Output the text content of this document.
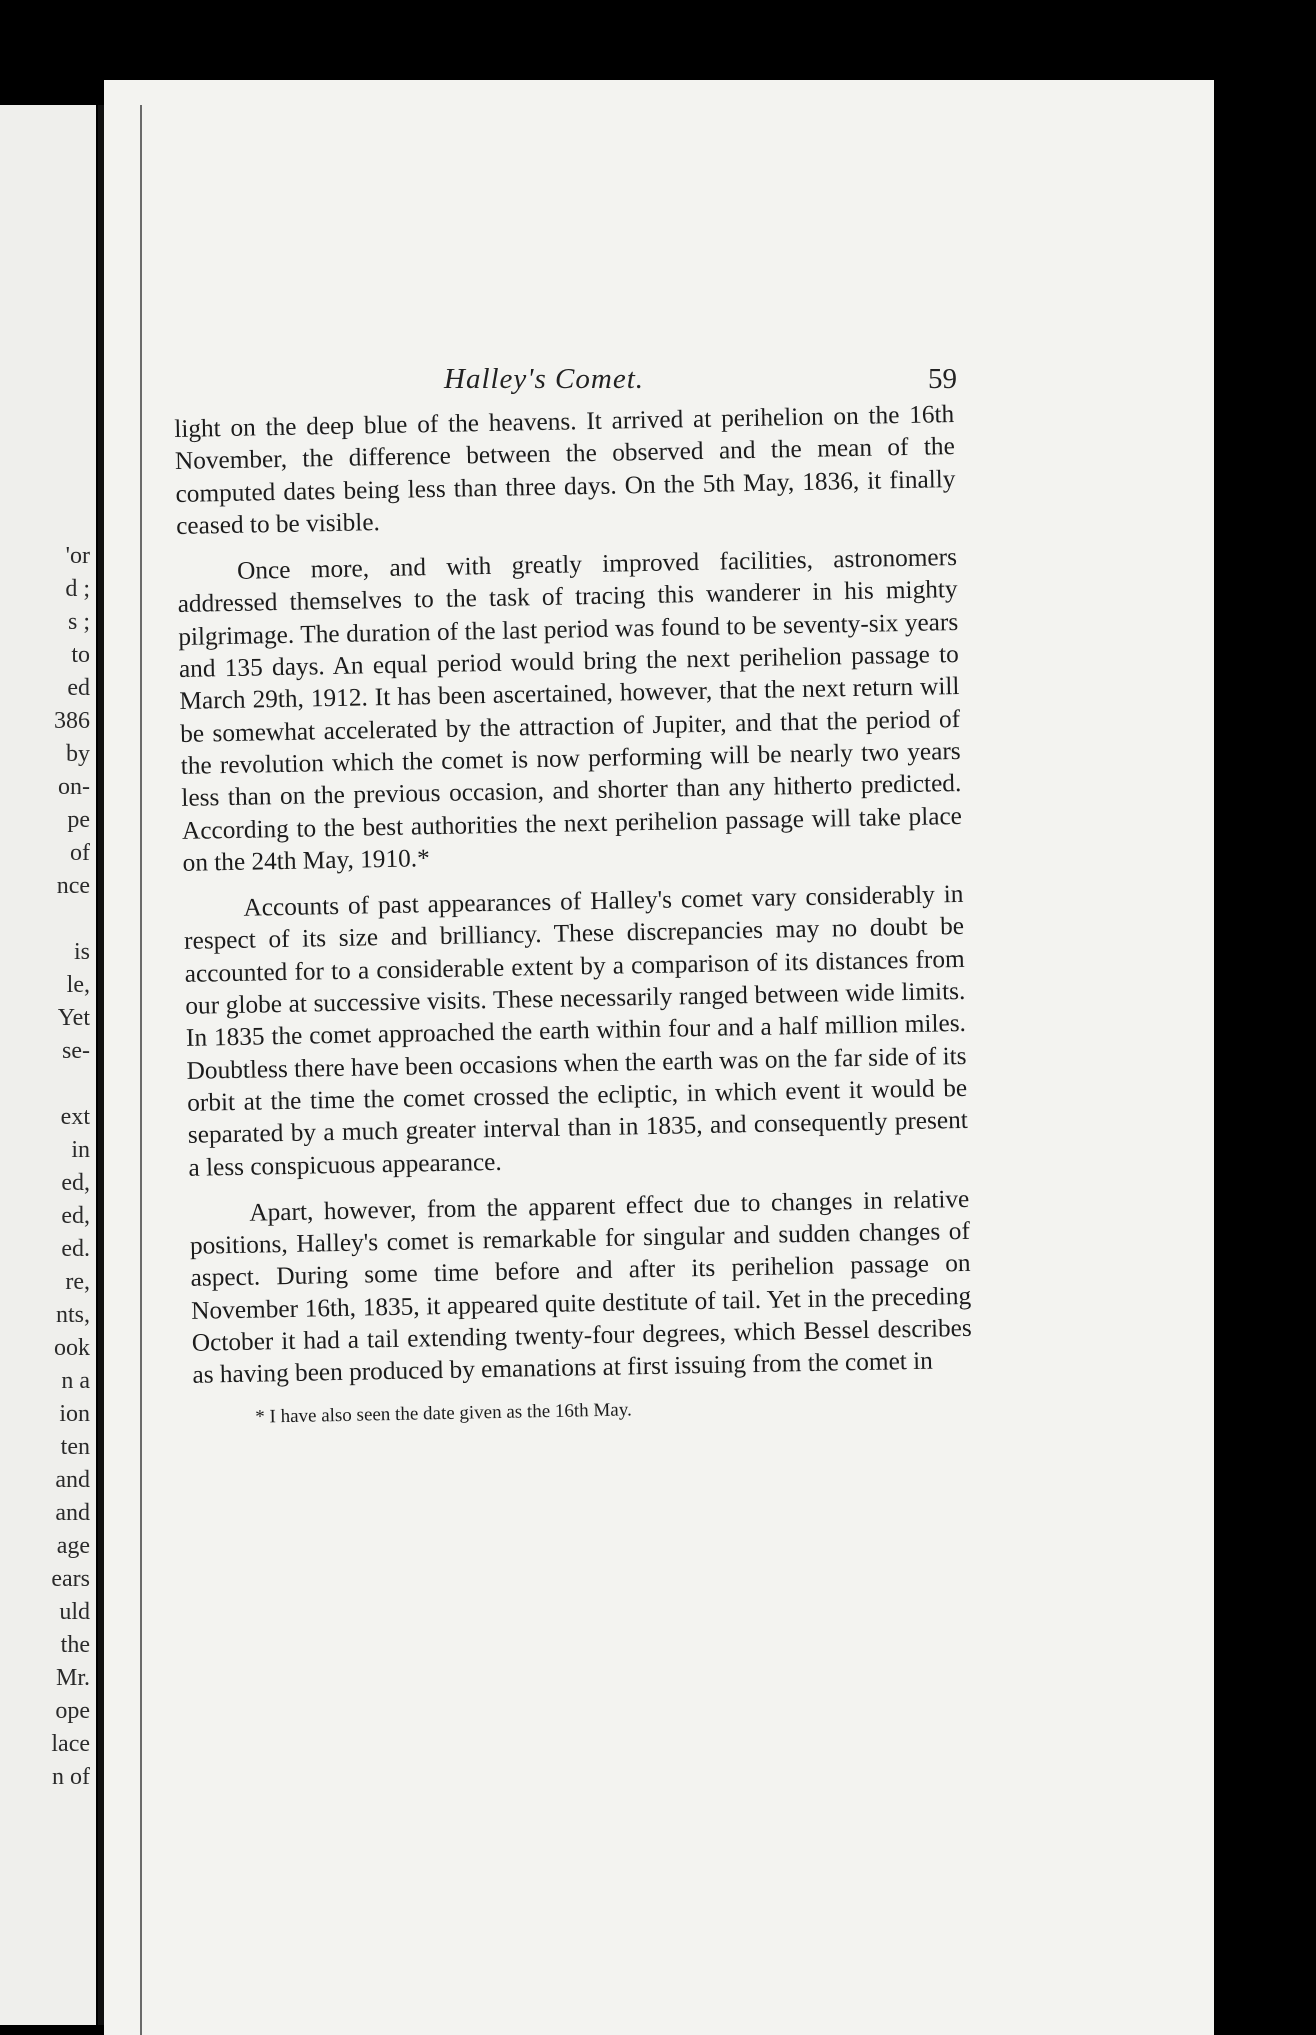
'or
d ;
s ;
to
ed
386
by
on-
pe
of
nce
is
le,
Yet
se-
ext
in
ed,
ed,
ed.
re,
nts,
ook
n a
ion
ten
and
and
age
ears
uld
the
Mr.
ope
lace
n of
Halley's Comet.	59

light on the deep blue of the heavens. It arrived at perihelion on the 16th November, the difference between the observed and the mean of the computed dates being less than three days. On the 5th May, 1836, it finally ceased to be visible.

Once more, and with greatly improved facilities, astronomers addressed themselves to the task of tracing this wanderer in his mighty pilgrimage. The duration of the last period was found to be seventy-six years and 135 days. An equal period would bring the next perihelion passage to March 29th, 1912. It has been ascertained, however, that the next return will be somewhat accelerated by the attraction of Jupiter, and that the period of the revolution which the comet is now performing will be nearly two years less than on the previous occasion, and shorter than any hitherto predicted. According to the best authorities the next perihelion passage will take place on the 24th May, 1910.*

Accounts of past appearances of Halley's comet vary considerably in respect of its size and brilliancy. These discrepancies may no doubt be accounted for to a considerable extent by a comparison of its distances from our globe at successive visits. These necessarily ranged between wide limits. In 1835 the comet approached the earth within four and a half million miles. Doubtless there have been occasions when the earth was on the far side of its orbit at the time the comet crossed the ecliptic, in which event it would be separated by a much greater interval than in 1835, and consequently present a less conspicuous appearance.

Apart, however, from the apparent effect due to changes in relative positions, Halley's comet is remarkable for singular and sudden changes of aspect. During some time before and after its perihelion passage on November 16th, 1835, it appeared quite destitute of tail. Yet in the preceding October it had a tail extending twenty-four degrees, which Bessel describes as having been produced by emanations at first issuing from the comet in

* I have also seen the date given as the 16th May.
